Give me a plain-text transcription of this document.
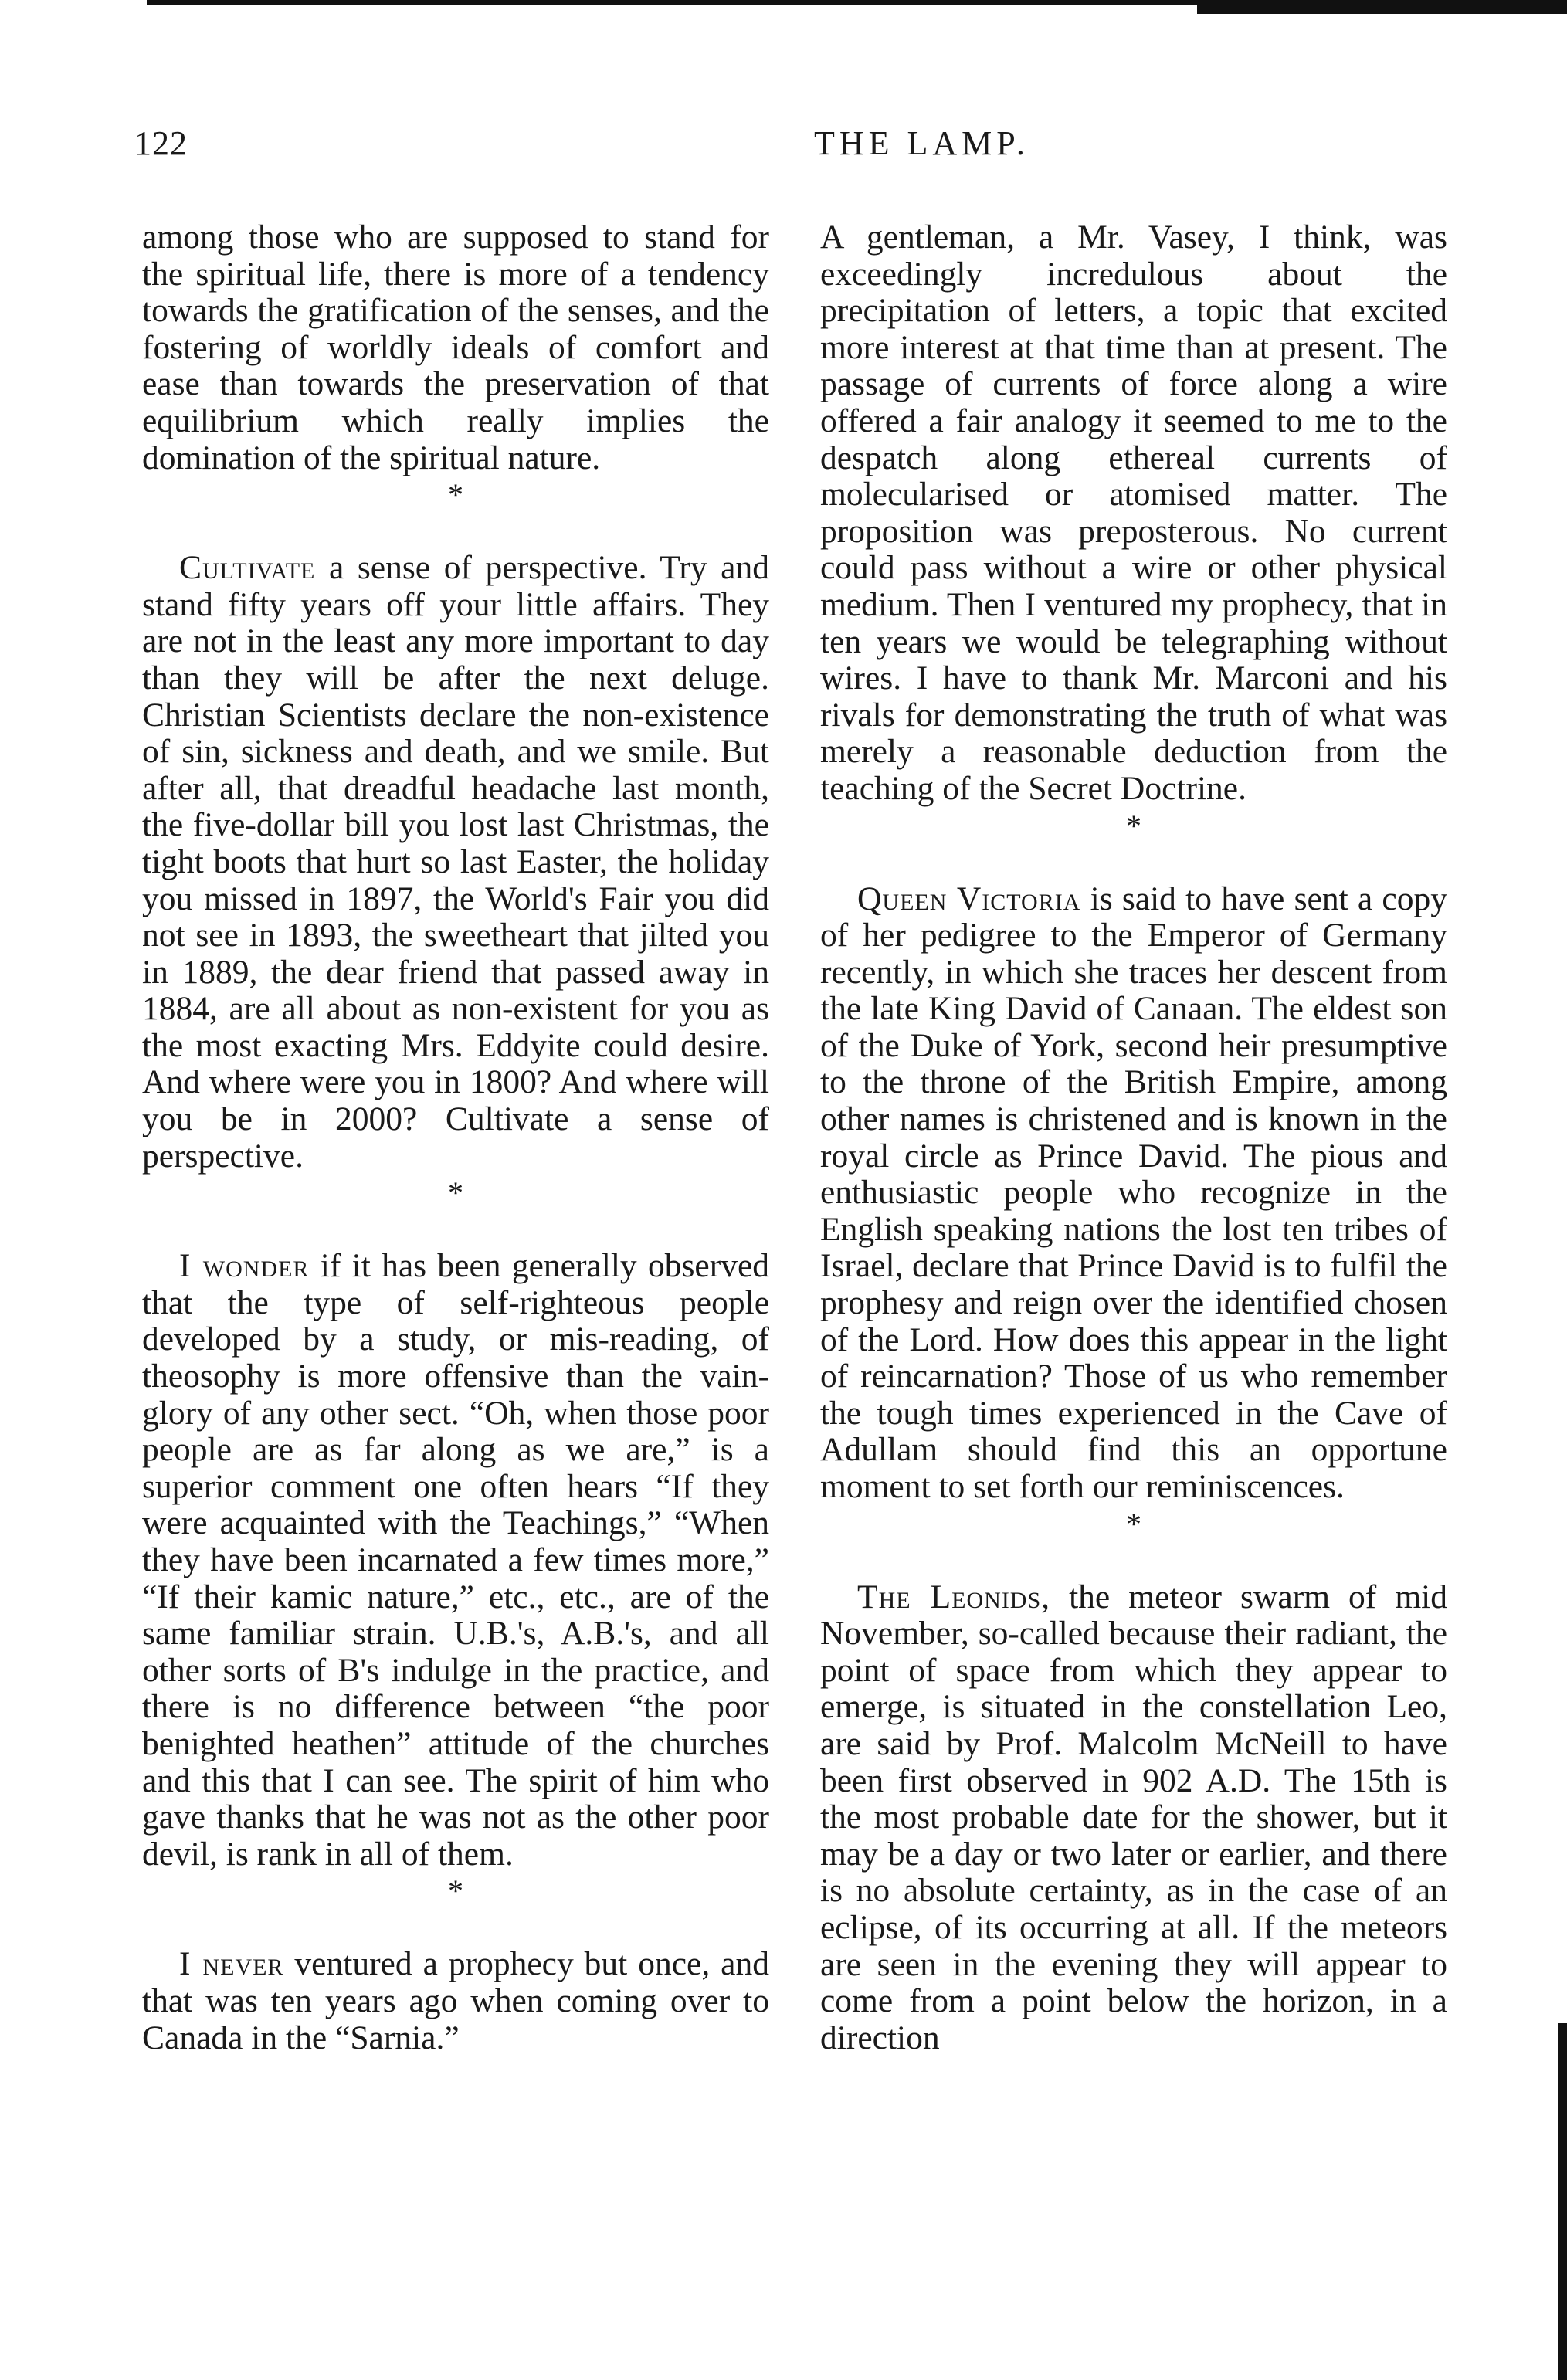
122	THE LAMP.

among those who are supposed to stand for the spiritual life, there is more of a tendency towards the gratification of the senses, and the fostering of worldly ideals of comfort and ease than towards the preservation of that equilibrium which really implies the domination of the spiritual nature.

*

Cultivate a sense of perspective. Try and stand fifty years off your little affairs. They are not in the least any more important to day than they will be after the next deluge. Christian Scientists declare the non-existence of sin, sickness and death, and we smile. But after all, that dreadful headache last month, the five-dollar bill you lost last Christmas, the tight boots that hurt so last Easter, the holiday you missed in 1897, the World's Fair you did not see in 1893, the sweetheart that jilted you in 1889, the dear friend that passed away in 1884, are all about as non-existent for you as the most exacting Mrs. Eddyite could desire. And where were you in 1800? And where will you be in 2000? Cultivate a sense of perspective.

*

I wonder if it has been generally observed that the type of self-righteous people developed by a study, or mis-reading, of theosophy is more offensive than the vain-glory of any other sect. “Oh, when those poor people are as far along as we are,” is a superior comment one often hears “If they were acquainted with the Teachings,” “When they have been incarnated a few times more,” “If their kamic nature,” etc., etc., are of the same familiar strain. U.B.'s, A.B.'s, and all other sorts of B's indulge in the practice, and there is no difference between “the poor benighted heathen” attitude of the churches and this that I can see. The spirit of him who gave thanks that he was not as the other poor devil, is rank in all of them.

*

I never ventured a prophecy but once, and that was ten years ago when coming over to Canada in the “Sarnia.”

A gentleman, a Mr. Vasey, I think, was exceedingly incredulous about the precipitation of letters, a topic that excited more interest at that time than at present. The passage of currents of force along a wire offered a fair analogy it seemed to me to the despatch along ethereal currents of molecularised or atomised matter. The proposition was preposterous. No current could pass without a wire or other physical medium. Then I ventured my prophecy, that in ten years we would be telegraphing without wires. I have to thank Mr. Marconi and his rivals for demonstrating the truth of what was merely a reasonable deduction from the teaching of the Secret Doctrine.

*

Queen Victoria is said to have sent a copy of her pedigree to the Emperor of Germany recently, in which she traces her descent from the late King David of Canaan. The eldest son of the Duke of York, second heir presumptive to the throne of the British Empire, among other names is christened and is known in the royal circle as Prince David. The pious and enthusiastic people who recognize in the English speaking nations the lost ten tribes of Israel, declare that Prince David is to fulfil the prophesy and reign over the identified chosen of the Lord. How does this appear in the light of reincarnation? Those of us who remember the tough times experienced in the Cave of Adullam should find this an opportune moment to set forth our reminiscences.

*

The Leonids, the meteor swarm of mid November, so-called because their radiant, the point of space from which they appear to emerge, is situated in the constellation Leo, are said by Prof. Malcolm McNeill to have been first observed in 902 A.D. The 15th is the most probable date for the shower, but it may be a day or two later or earlier, and there is no absolute certainty, as in the case of an eclipse, of its occurring at all. If the meteors are seen in the evening they will appear to come from a point below the horizon, in a direction
